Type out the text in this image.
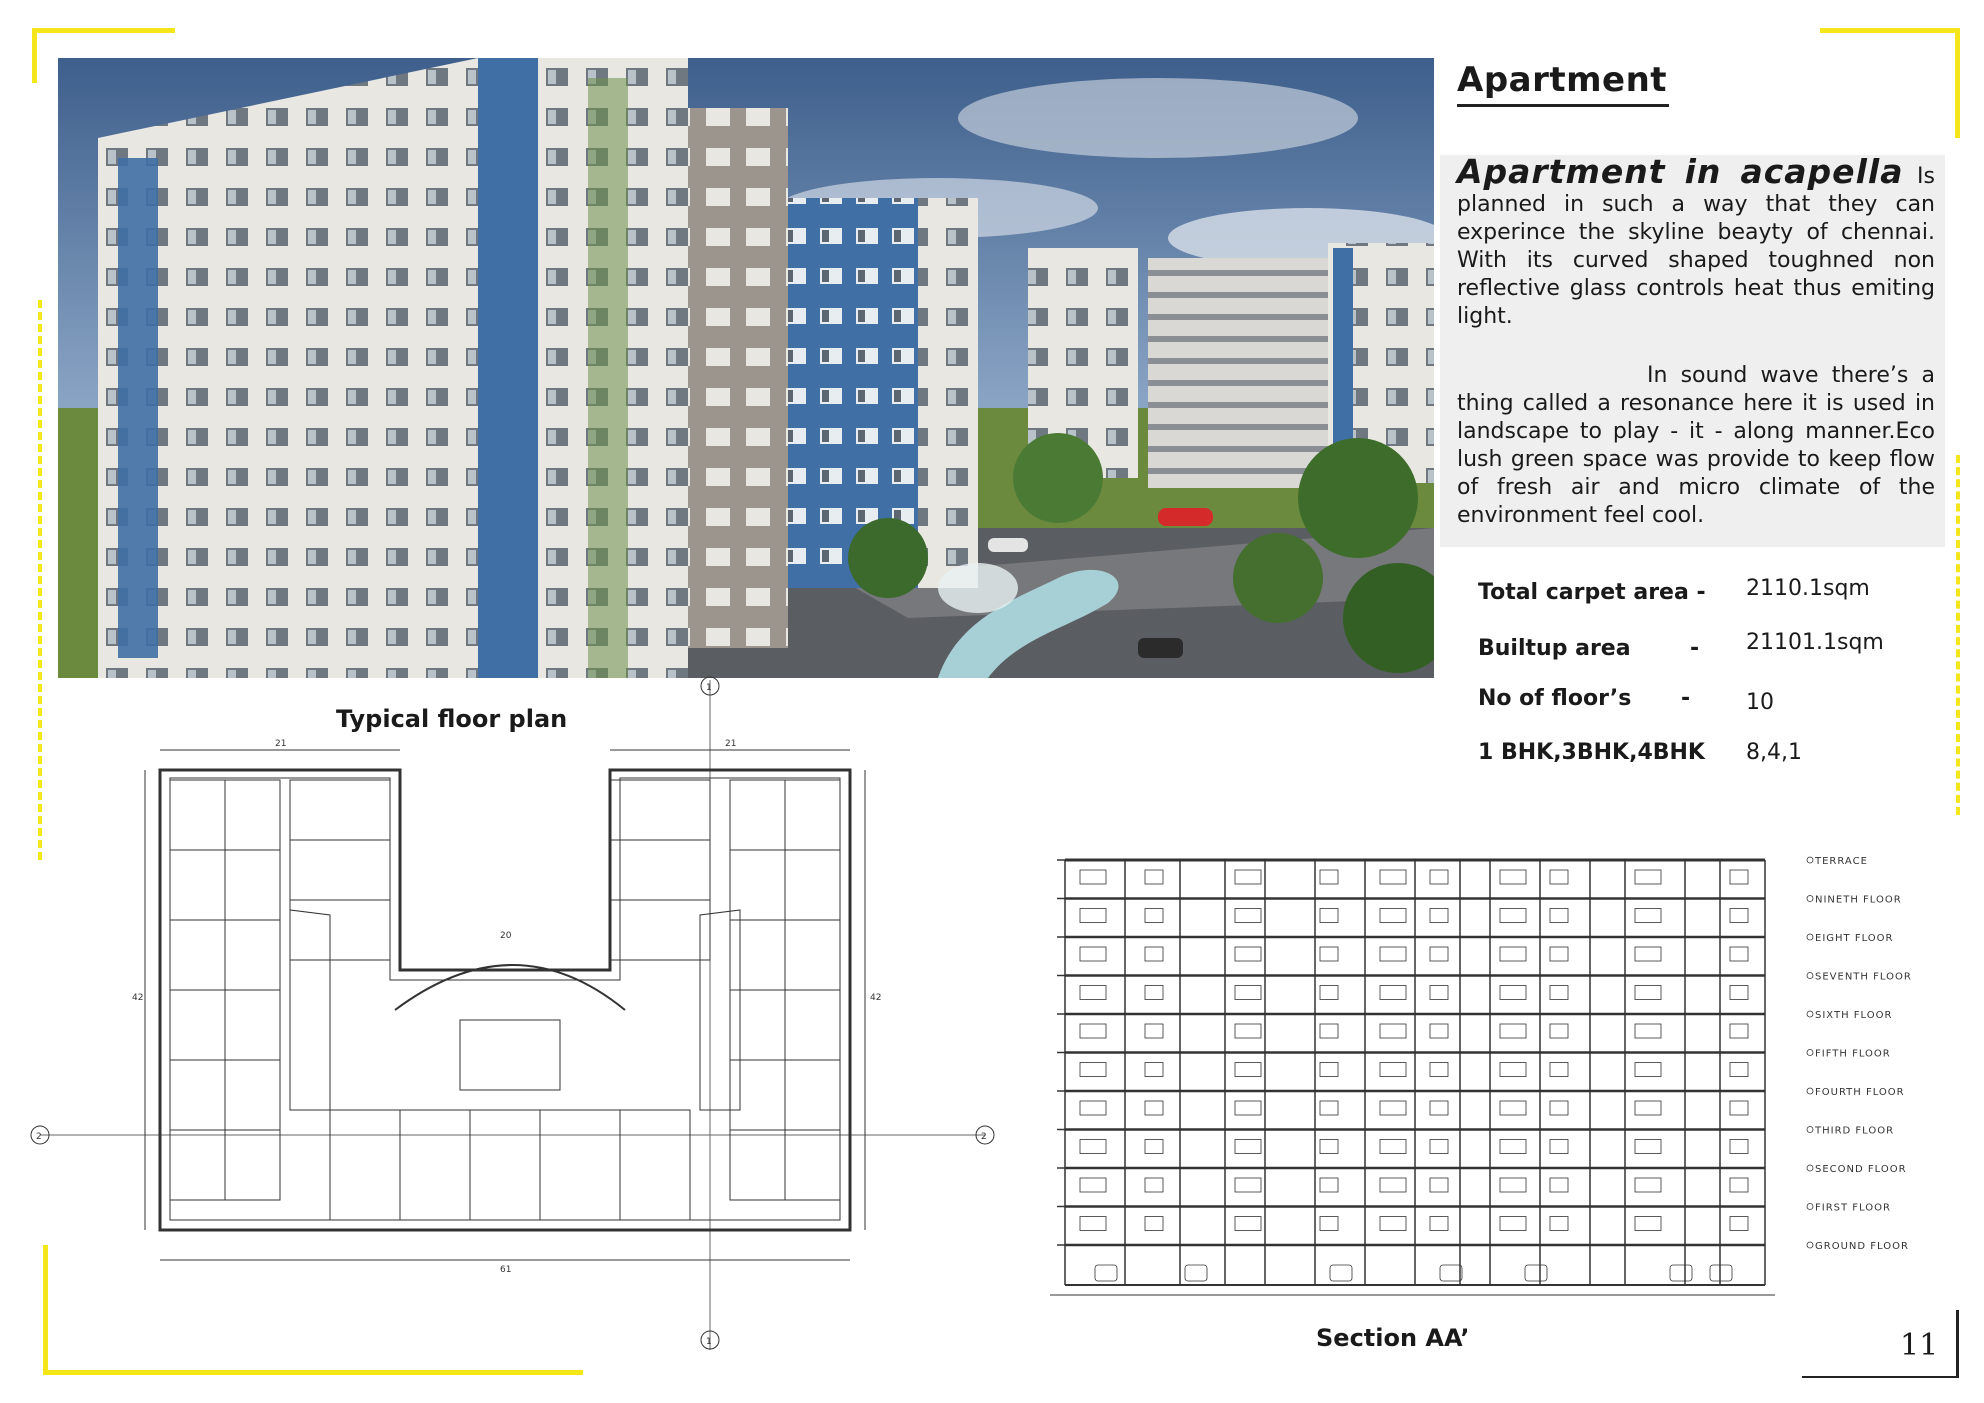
Apartment
Apartment in acapella Is planned in such a way that they can experince the skyline beayty of chennai. With its curved shaped toughned non reflective glass controls heat thus emiting light.
In sound wave there’s a thing called a resonance here it is used in landscape to play - it - along manner.Eco lush green space was provide to keep flow of fresh air and micro climate of the environment feel cool.
Total carpet area - 2110.1sqm
Builtup area	- 21101.1sqm
No of floor’s -	10
1 BHK,3BHK,4BHK 8,4,1
Typical floor plan
Section AA’	11
1
1
2	2
21	21
61
20
42	42
TERRACE
NINETH FLOOR
EIGHT FLOOR
SEVENTH FLOOR
SIXTH FLOOR
FIFTH FLOOR
FOURTH FLOOR
THIRD FLOOR
SECOND FLOOR
FIRST FLOOR
GROUND FLOOR
